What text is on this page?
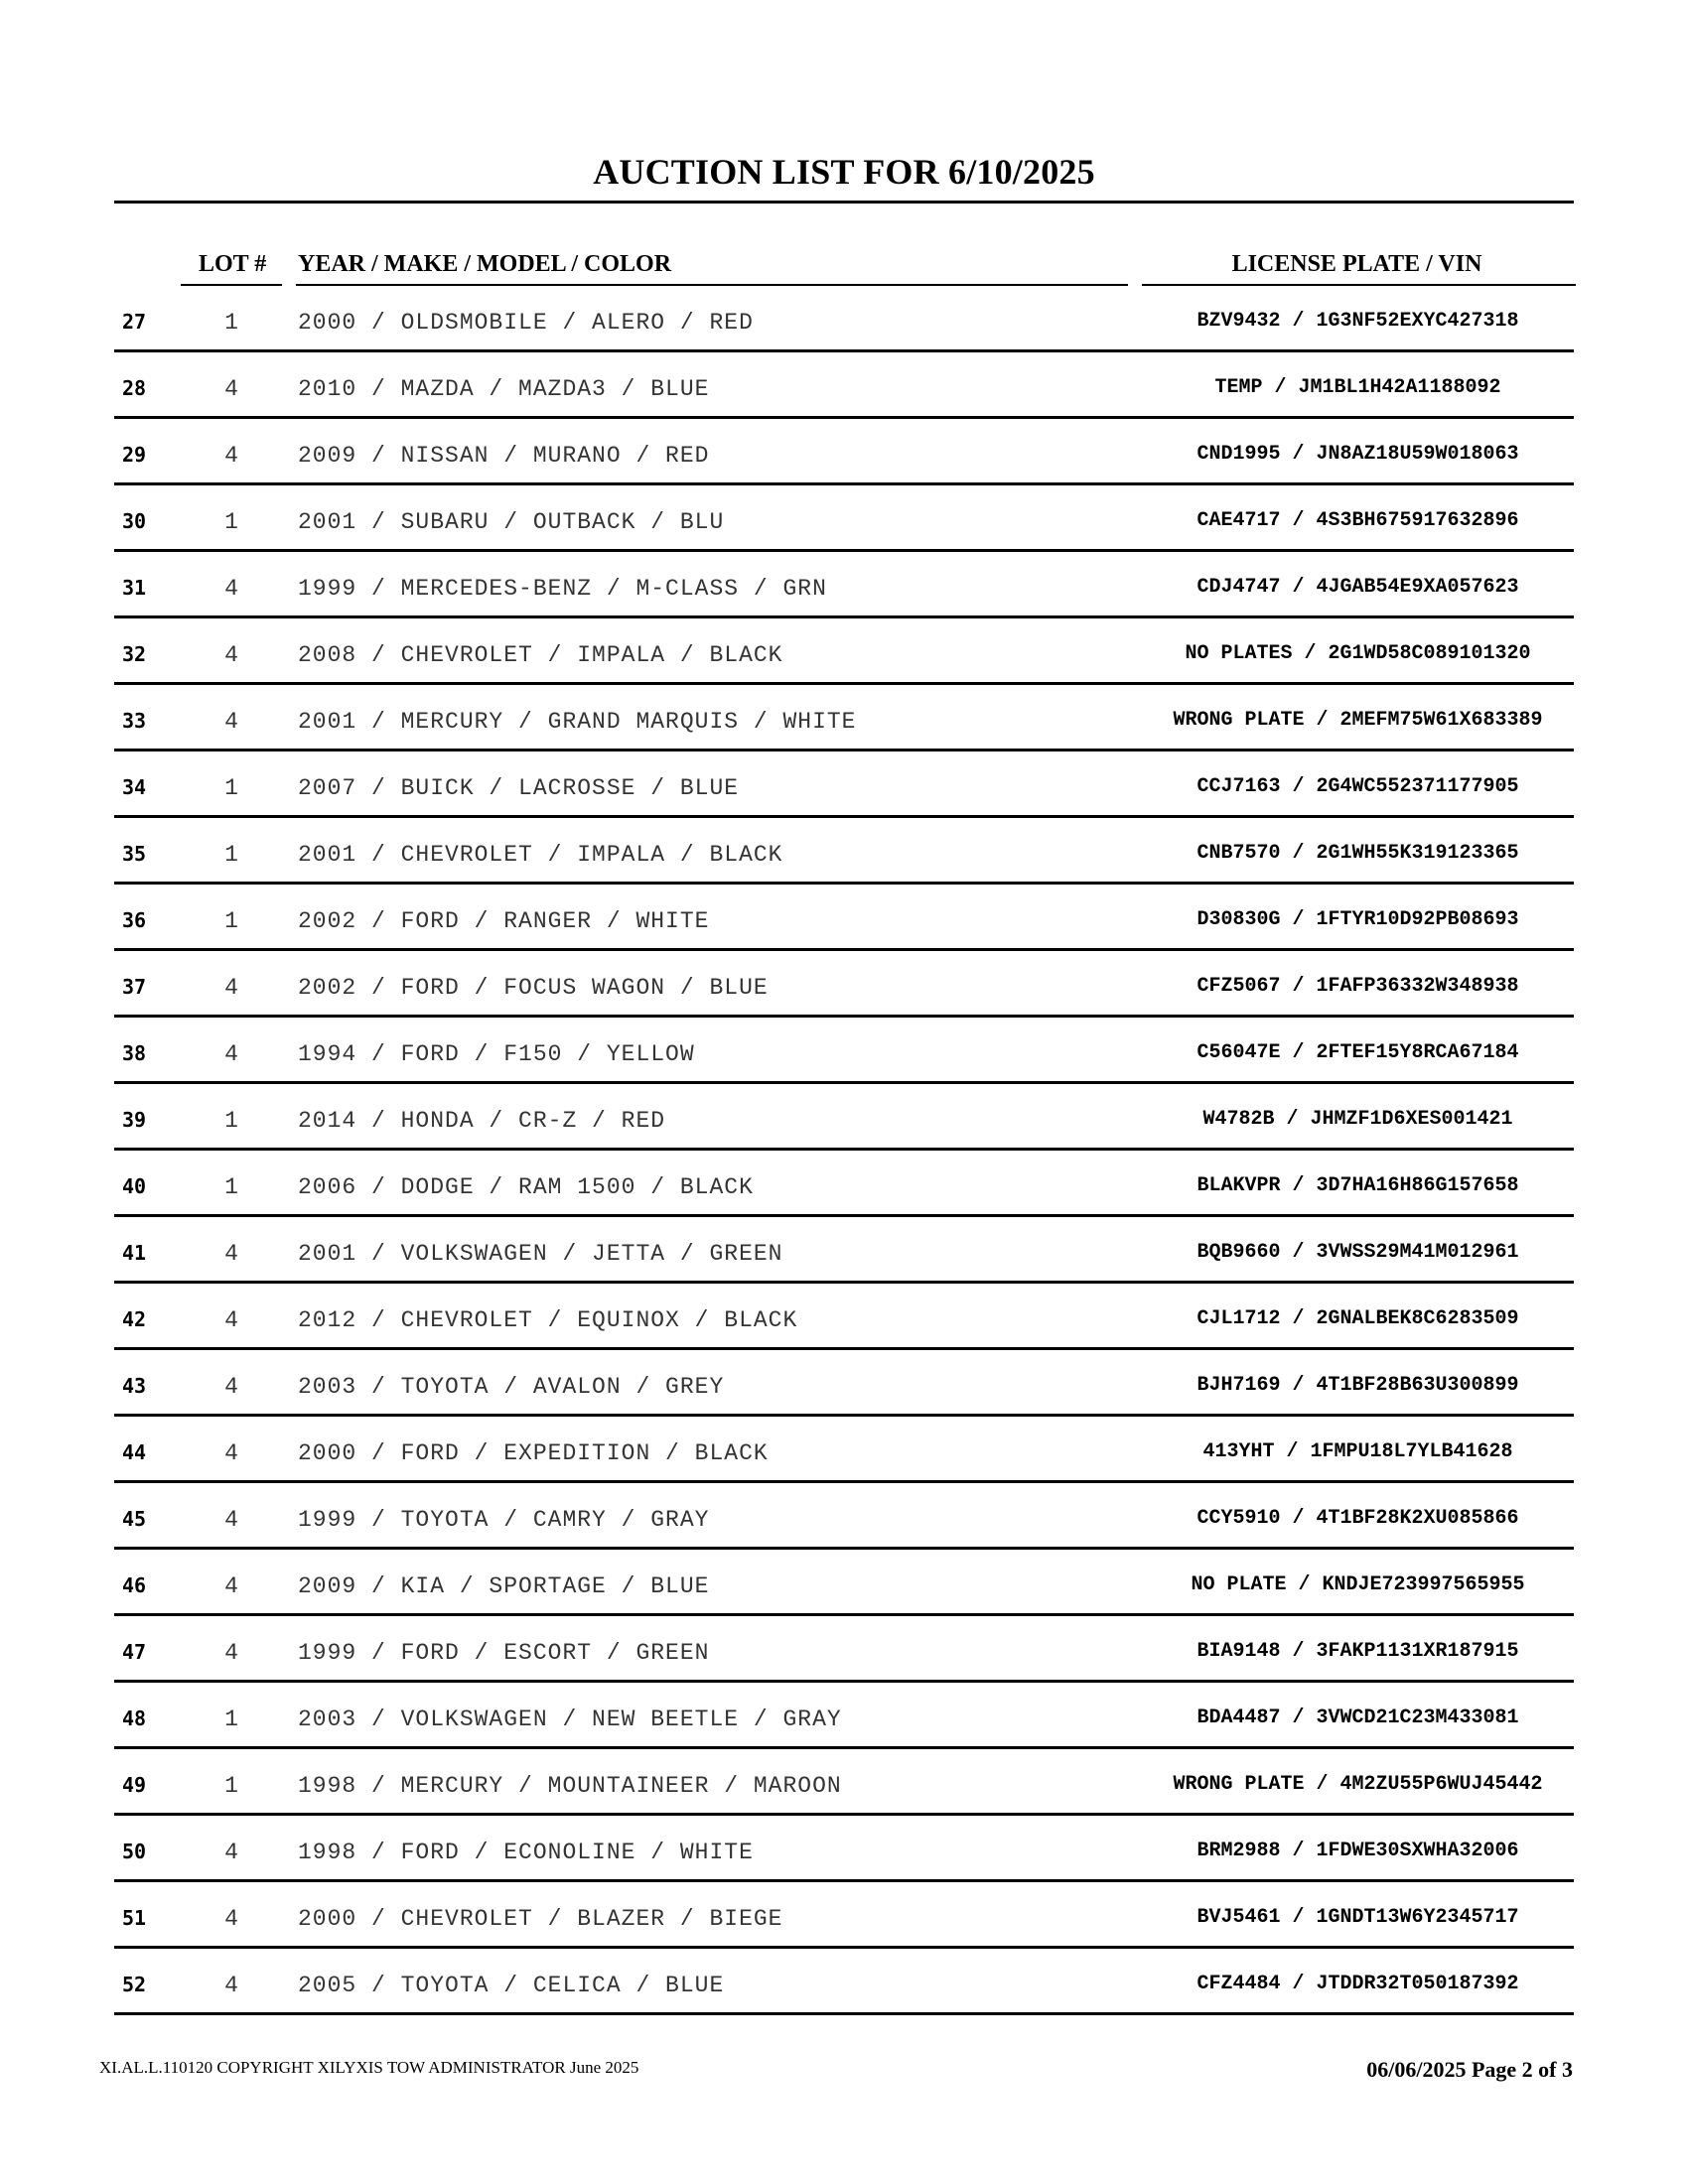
AUCTION LIST FOR 6/10/2025
LOT # YEAR / MAKE / MODEL / COLOR	LICENSE PLATE / VIN
27	1	2000 / OLDSMOBILE / ALERO / RED	BZV9432 / 1G3NF52EXYC427318
28	4	2010 / MAZDA / MAZDA3 / BLUE	TEMP / JM1BL1H42A1188092
29	4	2009 / NISSAN / MURANO / RED	CND1995 / JN8AZ18U59W018063
30	1	2001 / SUBARU / OUTBACK / BLU	CAE4717 / 4S3BH675917632896
31	4	1999 / MERCEDES-BENZ / M-CLASS / GRN	CDJ4747 / 4JGAB54E9XA057623
32	4	2008 / CHEVROLET / IMPALA / BLACK	NO PLATES / 2G1WD58C089101320
33	4	2001 / MERCURY / GRAND MARQUIS / WHITE	WRONG PLATE / 2MEFM75W61X683389
34	1	2007 / BUICK / LACROSSE / BLUE	CCJ7163 / 2G4WC552371177905
35	1	2001 / CHEVROLET / IMPALA / BLACK	CNB7570 / 2G1WH55K319123365
36	1	2002 / FORD / RANGER / WHITE	D30830G / 1FTYR10D92PB08693
37	4	2002 / FORD / FOCUS WAGON / BLUE	CFZ5067 / 1FAFP36332W348938
38	4	1994 / FORD / F150 / YELLOW	C56047E / 2FTEF15Y8RCA67184
39	1	2014 / HONDA / CR-Z / RED	W4782B / JHMZF1D6XES001421
40	1	2006 / DODGE / RAM 1500 / BLACK	BLAKVPR / 3D7HA16H86G157658
41	4	2001 / VOLKSWAGEN / JETTA / GREEN	BQB9660 / 3VWSS29M41M012961
42	4	2012 / CHEVROLET / EQUINOX / BLACK	CJL1712 / 2GNALBEK8C6283509
43	4	2003 / TOYOTA / AVALON / GREY	BJH7169 / 4T1BF28B63U300899
44	4	2000 / FORD / EXPEDITION / BLACK	413YHT / 1FMPU18L7YLB41628
45	4	1999 / TOYOTA / CAMRY / GRAY	CCY5910 / 4T1BF28K2XU085866
46	4	2009 / KIA / SPORTAGE / BLUE	NO PLATE / KNDJE723997565955
47	4	1999 / FORD / ESCORT / GREEN	BIA9148 / 3FAKP1131XR187915
48	1	2003 / VOLKSWAGEN / NEW BEETLE / GRAY	BDA4487 / 3VWCD21C23M433081
49	1	1998 / MERCURY / MOUNTAINEER / MAROON	WRONG PLATE / 4M2ZU55P6WUJ45442
50	4	1998 / FORD / ECONOLINE / WHITE	BRM2988 / 1FDWE30SXWHA32006
51	4	2000 / CHEVROLET / BLAZER / BIEGE	BVJ5461 / 1GNDT13W6Y2345717
52	4	2005 / TOYOTA / CELICA / BLUE	CFZ4484 / JTDDR32T050187392
XI.AL.L.110120 COPYRIGHT XILYXIS TOW ADMINISTRATOR June 2025	06/06/2025 Page 2 of 3
